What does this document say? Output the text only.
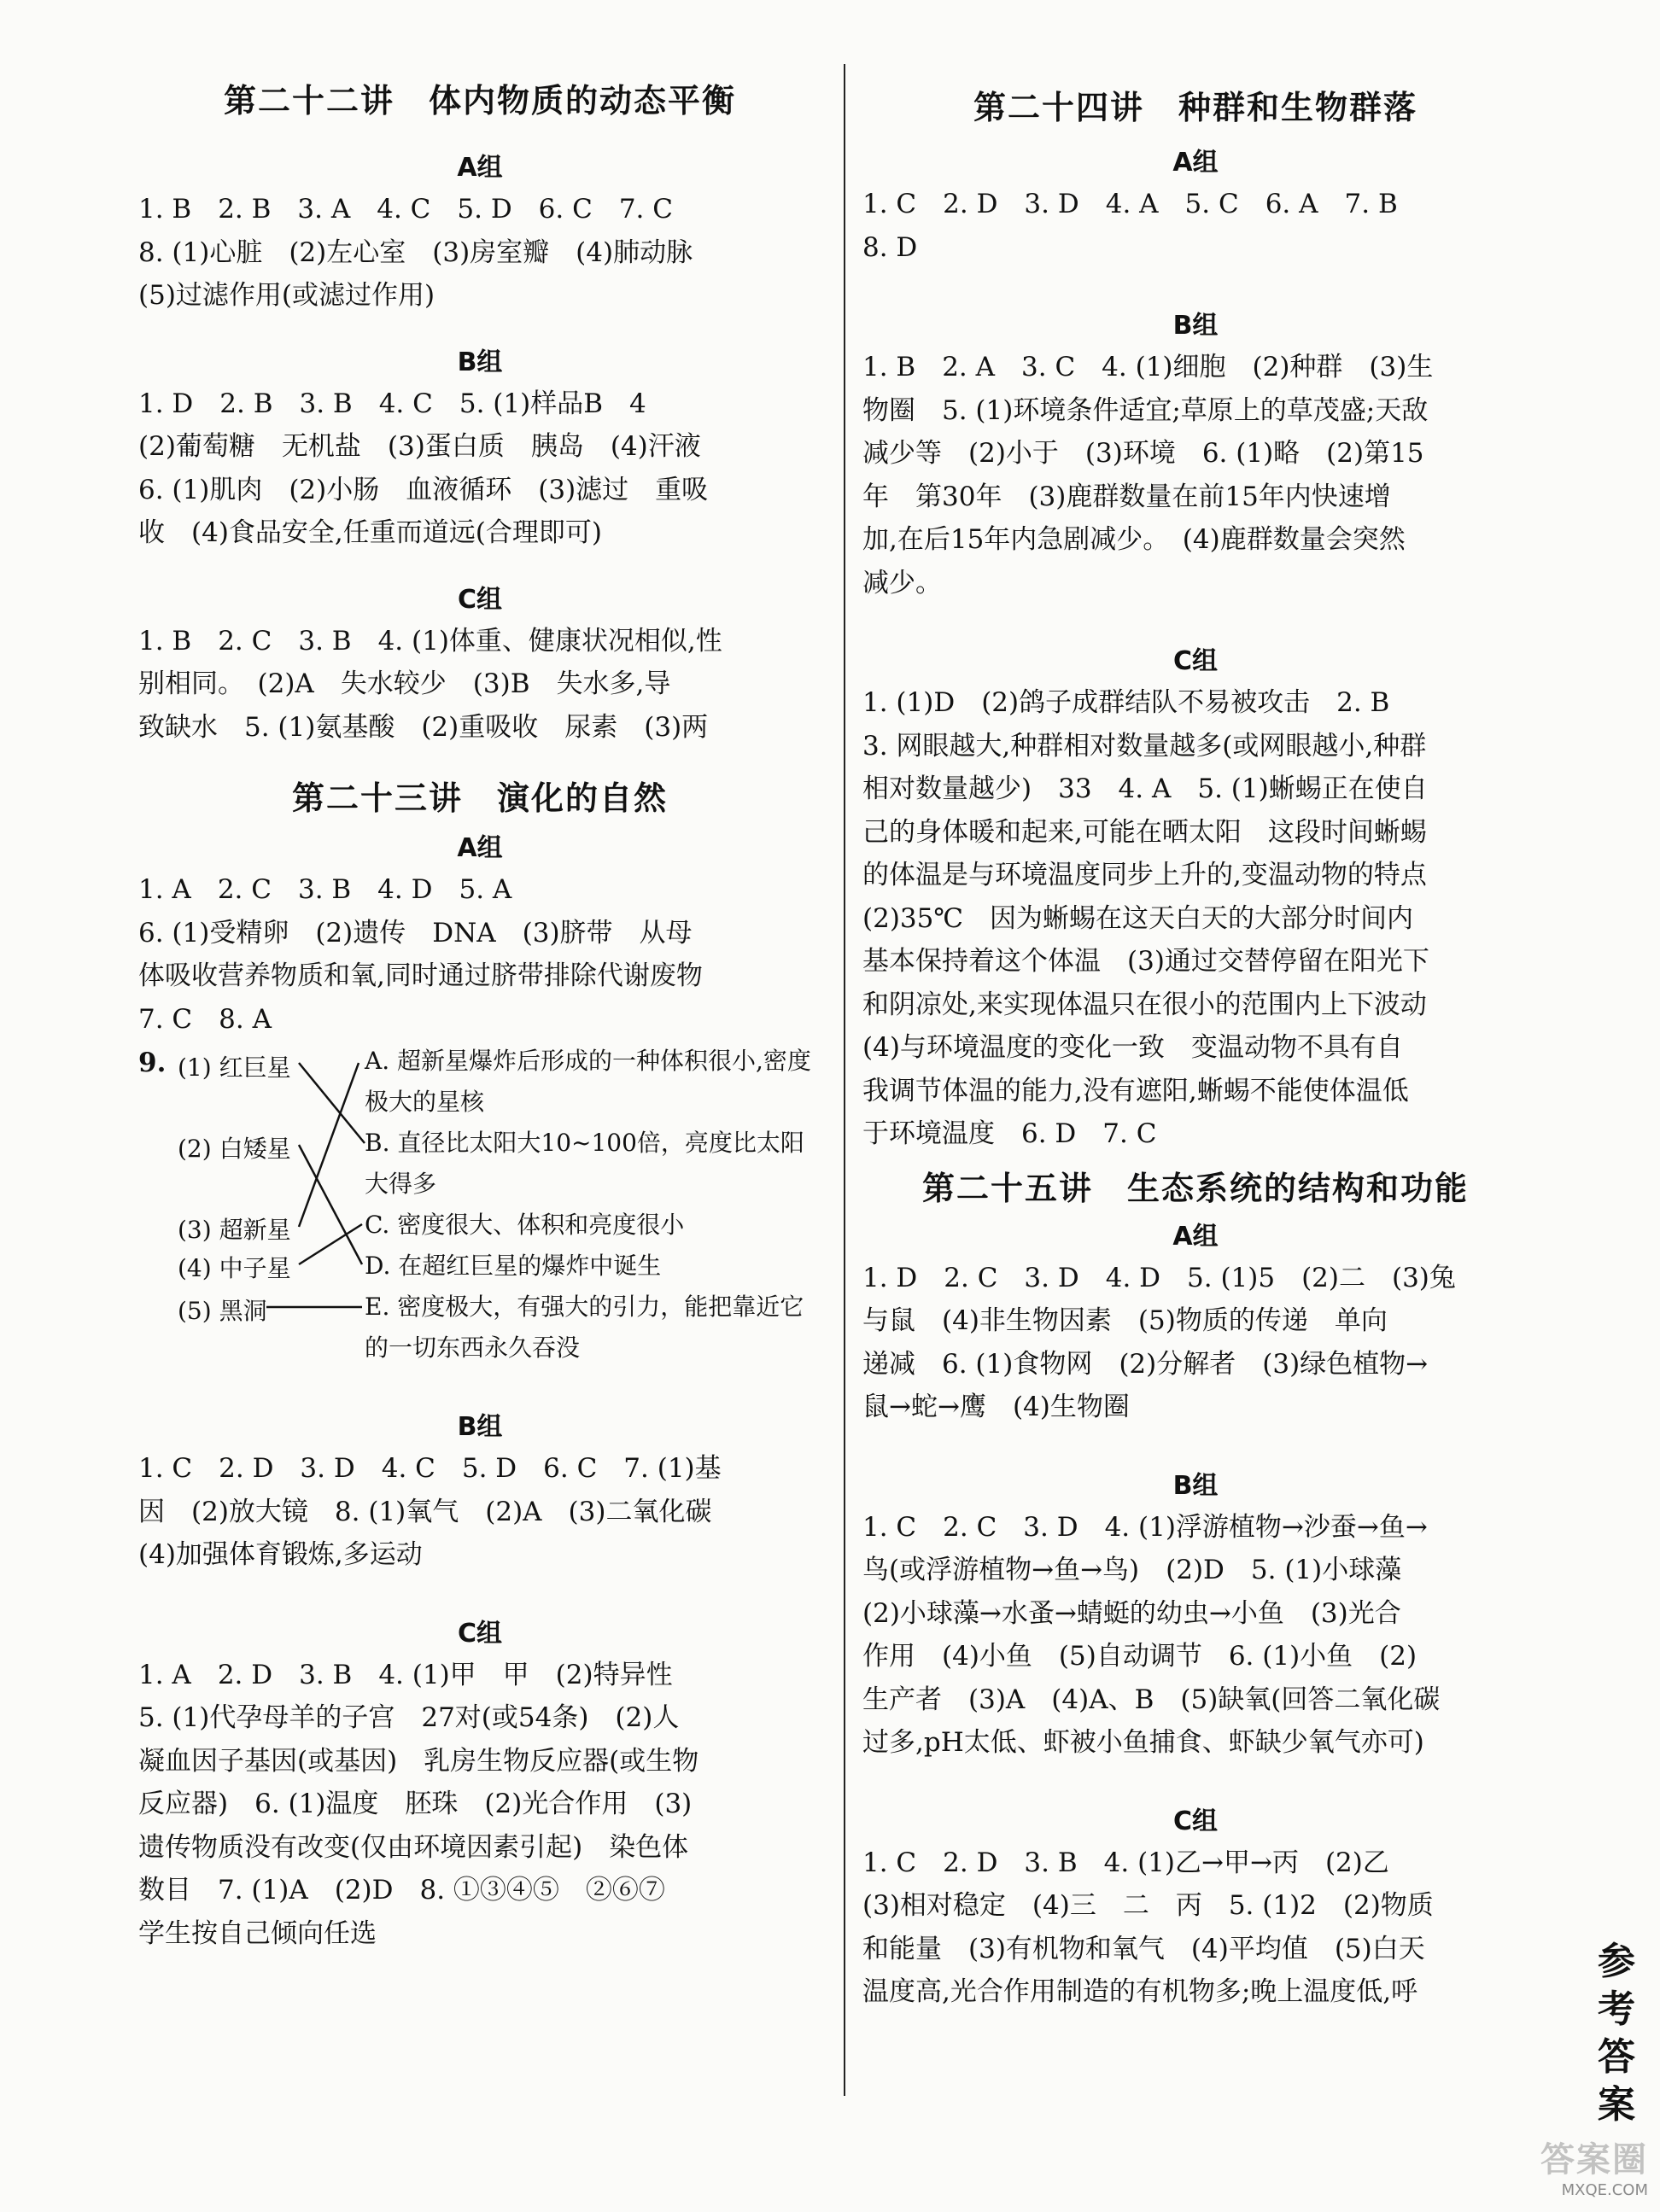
第二十二讲　体内物质的动态平衡
A组

1. B　2. B　3. A　4. C　5. D　6. C　7. C

8. (1)心脏　(2)左心室　(3)房室瓣　(4)肺动脉

(5)过滤作用(或滤过作用)

B组

1. D　2. B　3. B　4. C　5. (1)样品B　4

(2)葡萄糖　无机盐　(3)蛋白质　胰岛　(4)汗液

6. (1)肌肉　(2)小肠　血液循环　(3)滤过　重吸

收　(4)食品安全,任重而道远(合理即可)

C组

1. B　2. C　3. B　4. (1)体重、健康状况相似,性

别相同。　(2)A　失水较少　(3)B　失水多,导

致缺水　5. (1)氨基酸　(2)重吸收　尿素　(3)两

第二十三讲　演化的自然
A组

1. A　2. C　3. B　4. D　5. A

6. (1)受精卵　(2)遗传　DNA　(3)脐带　从母

体吸收营养物质和氧,同时通过脐带排除代谢废物

7. C　8. A

9. (1) 红巨星
(2) 白矮星
(3) 超新星
(4) 中子星
(5) 黑洞
A. 超新星爆炸后形成的一种体积很小,密度极大的星核
B. 直径比太阳大10~100倍，亮度比太阳大得多
C. 密度很大、体积和亮度很小
D. 在超红巨星的爆炸中诞生
E. 密度极大，有强大的引力，能把靠近它的一切东西永久吞没
B组

1. C　2. D　3. D　4. C　5. D　6. C　7. (1)基

因　(2)放大镜　8. (1)氧气　(2)A　(3)二氧化碳

(4)加强体育锻炼,多运动

C组

1. A　2. D　3. B　4. (1)甲　甲　(2)特异性

5. (1)代孕母羊的子宫　27对(或54条)　(2)人

凝血因子基因(或基因)　乳房生物反应器(或生物

反应器)　6. (1)温度　胚珠　(2)光合作用　(3)

遗传物质没有改变(仅由环境因素引起)　染色体

数目　7. (1)A　(2)D　8. ①③④⑤　②⑥⑦

学生按自己倾向任选

第二十四讲　种群和生物群落
A组

1. C　2. D　3. D　4. A　5. C　6. A　7. B

8. D

B组

1. B　2. A　3. C　4. (1)细胞　(2)种群　(3)生

物圈　5. (1)环境条件适宜;草原上的草茂盛;天敌

减少等　(2)小于　(3)环境　6. (1)略　(2)第15

年　第30年　(3)鹿群数量在前15年内快速增

加,在后15年内急剧减少。　(4)鹿群数量会突然

减少。

C组

1. (1)D　(2)鸽子成群结队不易被攻击　2. B

3. 网眼越大,种群相对数量越多(或网眼越小,种群

相对数量越少)　33　4. A　5. (1)蜥蜴正在使自

己的身体暖和起来,可能在晒太阳　这段时间蜥蜴

的体温是与环境温度同步上升的,变温动物的特点

(2)35℃　因为蜥蜴在这天白天的大部分时间内

基本保持着这个体温　(3)通过交替停留在阳光下

和阴凉处,来实现体温只在很小的范围内上下波动

(4)与环境温度的变化一致　变温动物不具有自

我调节体温的能力,没有遮阳,蜥蜴不能使体温低

于环境温度　6. D　7. C

第二十五讲　生态系统的结构和功能
A组

1. D　2. C　3. D　4. D　5. (1)5　(2)二　(3)兔

与鼠　(4)非生物因素　(5)物质的传递　单向

递减　6. (1)食物网　(2)分解者　(3)绿色植物→

鼠→蛇→鹰　(4)生物圈

B组

1. C　2. C　3. D　4. (1)浮游植物→沙蚕→鱼→

鸟(或浮游植物→鱼→鸟)　(2)D　5. (1)小球藻

(2)小球藻→水蚤→蜻蜓的幼虫→小鱼　(3)光合

作用　(4)小鱼　(5)自动调节　6. (1)小鱼　(2)

生产者　(3)A　(4)A、B　(5)缺氧(回答二氧化碳

过多,pH太低、虾被小鱼捕食、虾缺少氧气亦可)

C组

1. C　2. D　3. B　4. (1)乙→甲→丙　(2)乙

(3)相对稳定　(4)三　二　丙　5. (1)2　(2)物质

和能量　(3)有机物和氧气　(4)平均值　(5)白天

温度高,光合作用制造的有机物多;晚上温度低,呼

参考答案
答案圈
MXQE.COM
